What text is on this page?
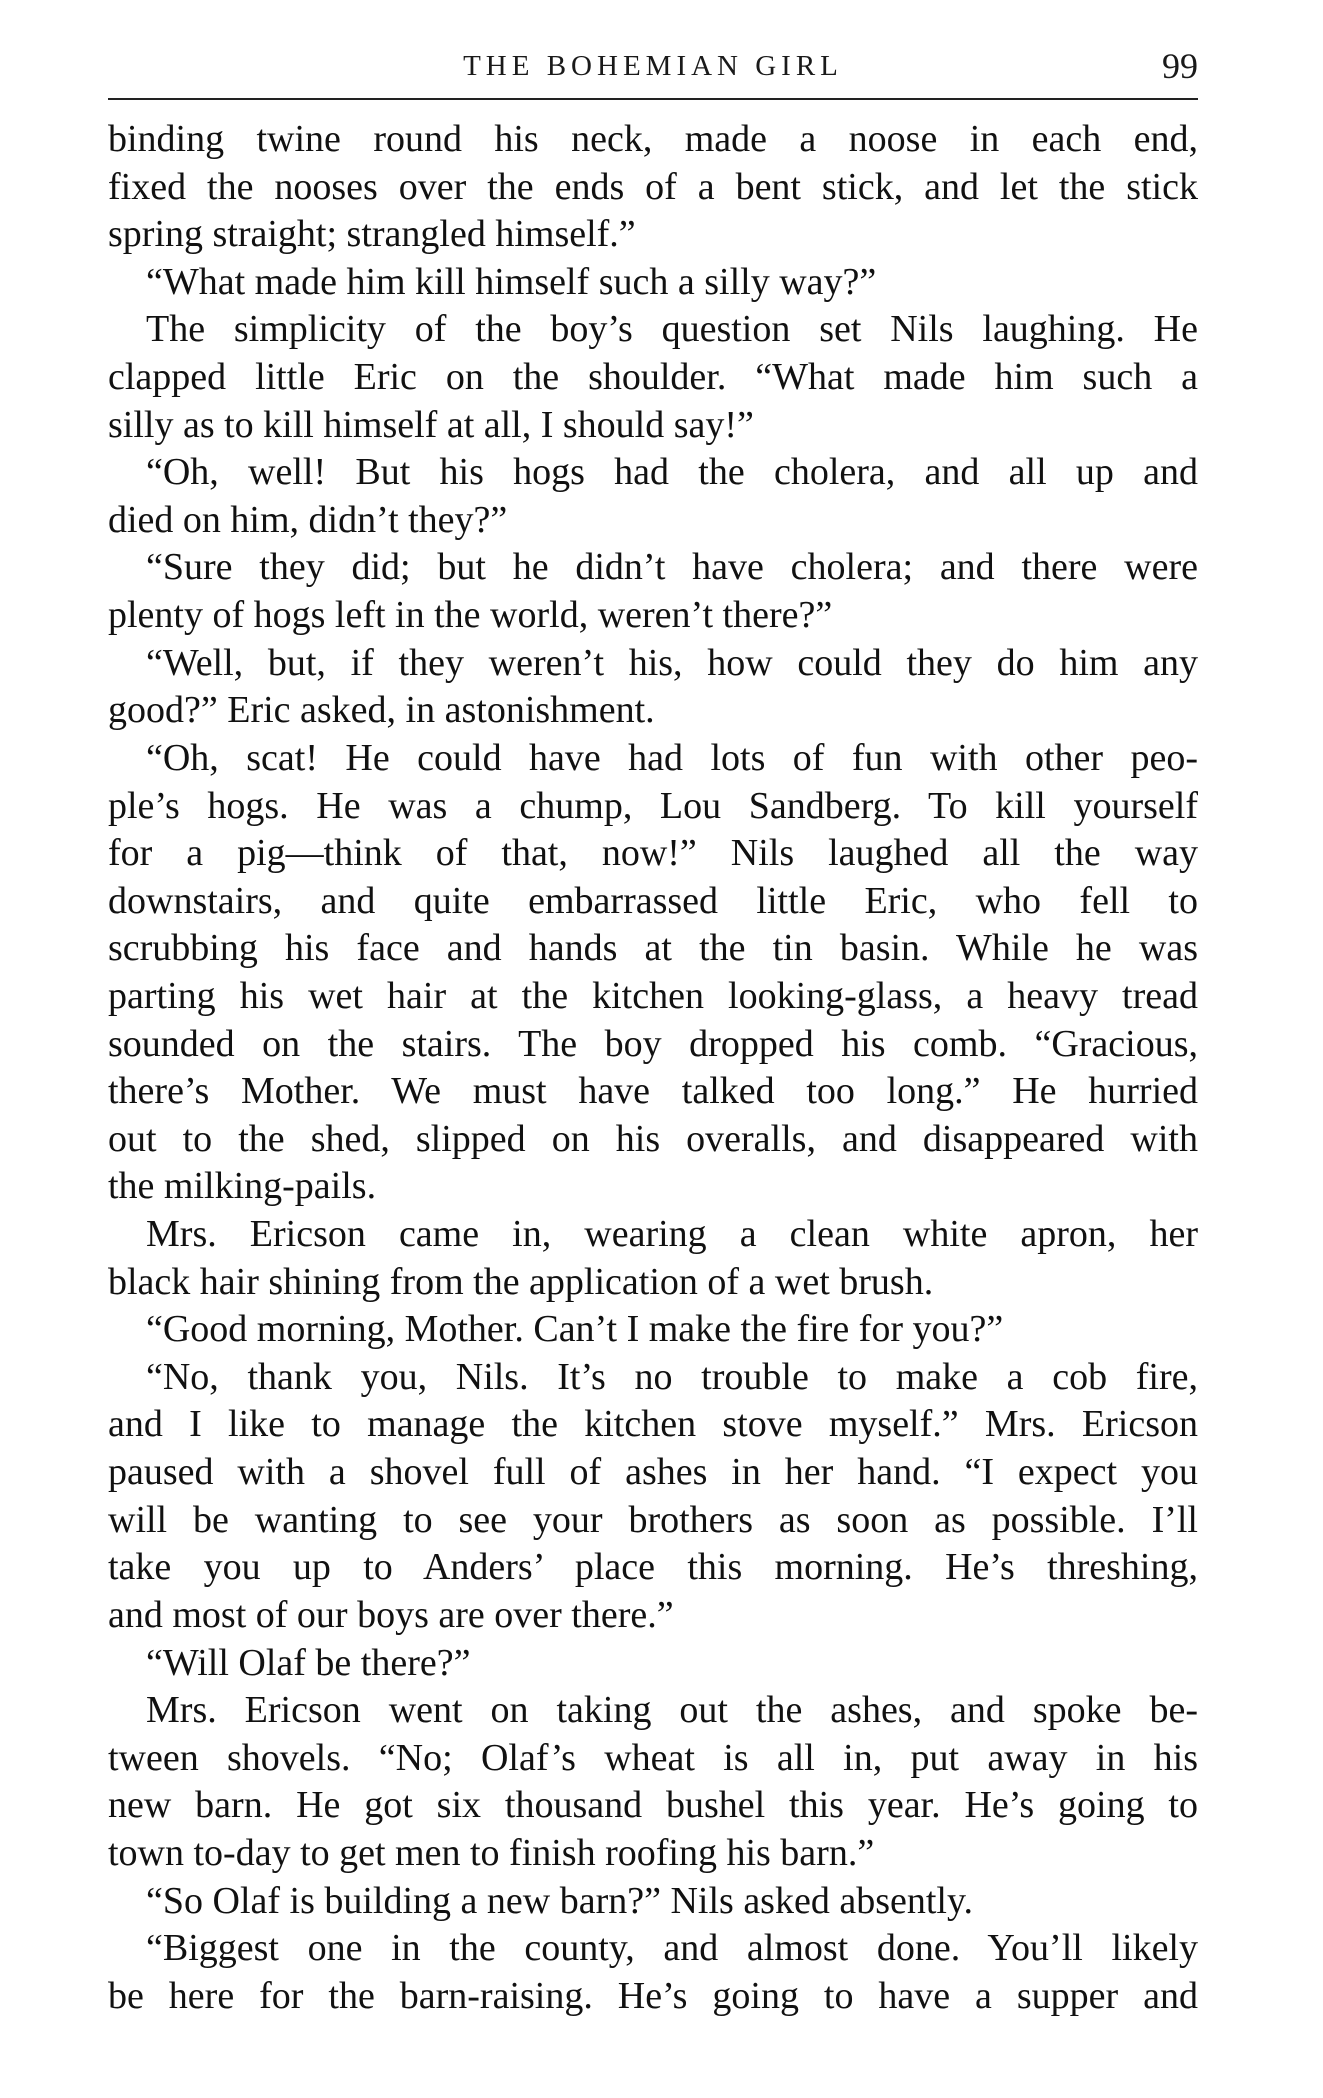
THE BOHEMIAN GIRL	99
binding twine round his neck, made a noose in each end,
fixed the nooses over the ends of a bent stick, and let the stick
spring straight; strangled himself.”
“What made him kill himself such a silly way?”
The simplicity of the boy’s question set Nils laughing. He
clapped little Eric on the shoulder. “What made him such a
silly as to kill himself at all, I should say!”
“Oh, well! But his hogs had the cholera, and all up and
died on him, didn’t they?”
“Sure they did; but he didn’t have cholera; and there were
plenty of hogs left in the world, weren’t there?”
“Well, but, if they weren’t his, how could they do him any
good?” Eric asked, in astonishment.
“Oh, scat! He could have had lots of fun with other peo-
ple’s hogs. He was a chump, Lou Sandberg. To kill yourself
for a pig—think of that, now!” Nils laughed all the way
downstairs, and quite embarrassed little Eric, who fell to
scrubbing his face and hands at the tin basin. While he was
parting his wet hair at the kitchen looking-glass, a heavy tread
sounded on the stairs. The boy dropped his comb. “Gracious,
there’s Mother. We must have talked too long.” He hurried
out to the shed, slipped on his overalls, and disappeared with
the milking-pails.
Mrs. Ericson came in, wearing a clean white apron, her
black hair shining from the application of a wet brush.
“Good morning, Mother. Can’t I make the fire for you?”
“No, thank you, Nils. It’s no trouble to make a cob fire,
and I like to manage the kitchen stove myself.” Mrs. Ericson
paused with a shovel full of ashes in her hand. “I expect you
will be wanting to see your brothers as soon as possible. I’ll
take you up to Anders’ place this morning. He’s threshing,
and most of our boys are over there.”
“Will Olaf be there?”
Mrs. Ericson went on taking out the ashes, and spoke be-
tween shovels. “No; Olaf’s wheat is all in, put away in his
new barn. He got six thousand bushel this year. He’s going to
town to-day to get men to finish roofing his barn.”
“So Olaf is building a new barn?” Nils asked absently.
“Biggest one in the county, and almost done. You’ll likely
be here for the barn-raising. He’s going to have a supper and
